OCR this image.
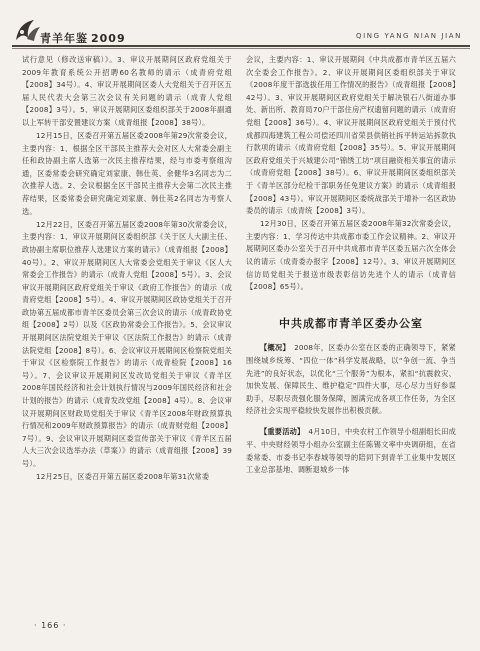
青羊年鉴 2009	QING YANG NIAN JIAN

试行意见（修改送审稿）》。3、审议开展期间区政府党组关于2009年教育系统公开招聘60名教师的请示（成青府党组【2008】34号）。4、审议开展期间区委人大党组关于召开区五届人民代表大会第三次会议有关问题的请示（成青人党组【2008】3号）。5、审议开展期间区委组织部关于2008年副通以上军转干部安置建议方案（成青组报【2008】38号）。

12月15日，区委召开第五届区委2008年第29次常委会议，主要内容：1、根据全区干部民主推荐大会对区人大常委会副主任和政协副主席人选第一次民主推荐结果，经与市委考察组沟通，区委常委会研究确定刘家康、韩仕英、余健华3名同志为二次推荐人选。2、会议根据全区干部民主推荐大会第二次民主推荐结果，区委常委会研究确定刘家康、韩仕英2名同志为考察人选。

12月22日，区委召开第五届区委2008年第30次常委会议，主要内容：1、审议开展期间区委组织部《关于区人大副主任、政协副主席职位推荐人选建议方案的请示》（成青组报【2008】40号）。2、审议开展期间区人大常委会党组关于审议《区人大常委会工作报告》的请示（成青人党组【2008】5号）。3、会议审议开展期间区政府党组关于审议《政府工作报告》的请示（成青府党组【2008】5号）。4、审议开展期间区政协党组关于召开政协第五届成都市青羊区委员会第三次会议的请示（成青政协党组【2008】2号）以及《区政协常委会工作报告》。5、会议审议开展期间区法院党组关于审议《区法院工作报告》的请示（成青法院党组【2008】8号）。6、会议审议开展期间区检察院党组关于审议《区检察院工作报告》的请示（成青检院【2008】16号）。7、会议审议开展期间区发改局党组关于审议《青羊区2008年国民经济和社会计划执行情况与2009年国民经济和社会计划的报告》的请示（成青发改党组【2008】4号）。8、会议审议开展期间区财政局党组关于审议《青羊区2008年财政预算执行情况和2009年财政预算报告》的请示（成青财党组【2008】7号）。9、会议审议开展期间区委宣传部关于审议《青羊区五届人大三次会议选举办法（草案）》的请示（成青组报【2008】39号）。

12月25日，区委召开第五届区委2008年第31次常委

会议，主要内容：1、审议开展期间《中共成都市青羊区五届六次全委会工作报告》。2、审议开展期间区委组织部关于审议《2008年度干部选拔任用工作情况的报告》（成青组报【2008】42号）。3、审议开展期间区政府党组关于解决银石八街道办事处、新出所、教育局70户干部住房产权遗留问题的请示（成青府党组【2008】36号）。4、审议开展期间区政府党组关于预付代成都四海建筑工程公司偿还四川省荣县供销社拆平转运站拆款执行款项的请示（成青府党组【2008】35号）。5、审议开展期间区政府党组关于兴城建公司“锦绣工坊”项目融资相关事宜的请示（成青府党组【2008】38号）。6、审议开展期间区委组织部关于《青羊区部分纪检干部职务任免建议方案》的请示（成青组报【2008】43号）。审议开展期间区委统战部关于增补一名区政协委员的请示（成青统【2008】3号）。

12月30日，区委召开第五届区委2008年第32次常委会议，主要内容：1、学习传达中共成都市委工作会议精神。2、审议开展期间区委办公室关于召开中共成都市青羊区委五届六次全体会议的请示（成青委办报字【2008】12号）。3、审议开展期间区信访局党组关于报送市级表彰信访先进个人的请示（成青信【2008】65号）。

中共成都市青羊区委办公室

【概况】 2008年，区委办公室在区委的正确领导下，紧紧围绕城乡统筹、“四位一体”科学发展战略，以“争创一流、争当先进”的良好状态，以优化“三个服务”为根本，紧扣“抗震救灾、加快发展、保障民生、维护稳定”四件大事，尽心尽力当好参谋助手，尽职尽责强化服务保障，圆满完成各项工作任务，为全区经济社会实现平稳较快发展作出积极贡献。

【重要活动】 4月10日，中央农村工作领导小组副组长田成平、中央财经领导小组办公室副主任陈锡文率中央调研组，在省委常委、市委书记李春城等领导的陪同下到青羊工业集中发展区工业总部基地、调断退城乡一体

· 166 ·
